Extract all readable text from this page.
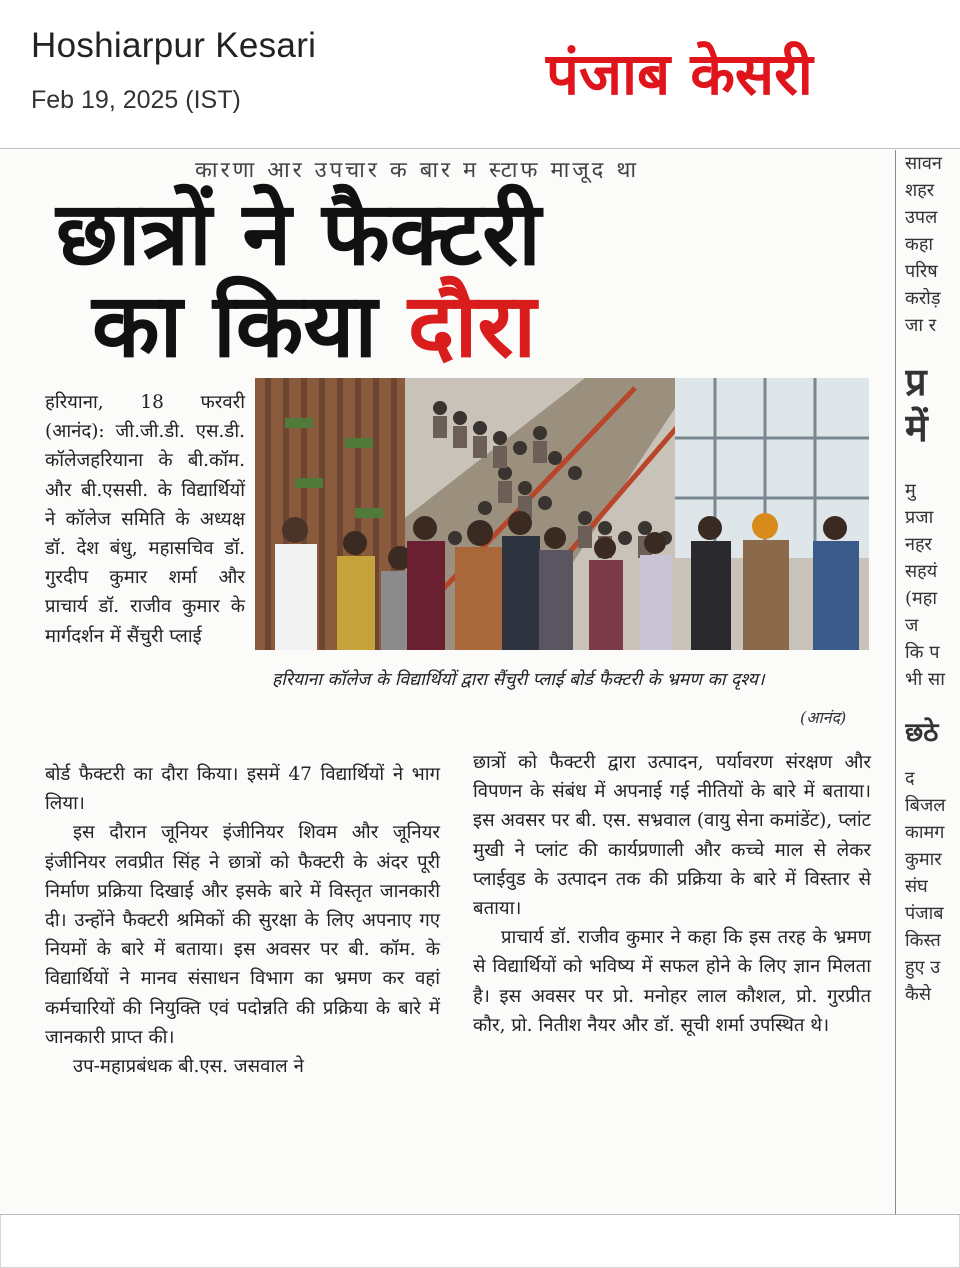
Hoshiarpur Kesari
Feb 19, 2025 (IST)	पंजाब केसरी
कारणा आर उपचार क बार म स्टाफ माजूद था
छात्रों ने फैक्टरी
का किया दौरा

हरियाना, 18 फरवरी (आनंद): जी.जी.डी. एस.डी. कॉलेजहरियाना के बी.कॉम. और बी.एससी. के विद्यार्थियों ने कॉलेज समिति के अध्यक्ष डॉ. देश बंधु, महासचिव डॉ. गुरदीप कुमार शर्मा और प्राचार्य डॉ. राजीव कुमार के मार्गदर्शन में सैंचुरी प्लाई

हरियाना कॉलेज के विद्यार्थियों द्वारा सैंचुरी प्लाई बोर्ड फैक्टरी के भ्रमण का दृश्य।
(आनंद)

बोर्ड फैक्टरी का दौरा किया। इसमें 47 विद्यार्थियों ने भाग लिया।

इस दौरान जूनियर इंजीनियर शिवम और जूनियर इंजीनियर लवप्रीत सिंह ने छात्रों को फैक्टरी के अंदर पूरी निर्माण प्रक्रिया दिखाई और इसके बारे में विस्तृत जानकारी दी। उन्होंने फैक्टरी श्रमिकों की सुरक्षा के लिए अपनाए गए नियमों के बारे में बताया। इस अवसर पर बी. कॉम. के विद्यार्थियों ने मानव संसाधन विभाग का भ्रमण कर वहां कर्मचारियों की नियुक्ति एवं पदोन्नति की प्रक्रिया के बारे में जानकारी प्राप्त की।

उप-महाप्रबंधक बी.एस. जसवाल ने

छात्रों को फैक्टरी द्वारा उत्पादन, पर्यावरण संरक्षण और विपणन के संबंध में अपनाई गई नीतियों के बारे में बताया। इस अवसर पर बी. एस. सभ्रवाल (वायु सेना कमांडेंट), प्लांट मुखी ने प्लांट की कार्यप्रणाली और कच्चे माल से लेकर प्लाईवुड के उत्पादन तक की प्रक्रिया के बारे में विस्तार से बताया।

प्राचार्य डॉ. राजीव कुमार ने कहा कि इस तरह के भ्रमण से विद्यार्थियों को भविष्य में सफल होने के लिए ज्ञान मिलता है। इस अवसर पर प्रो. मनोहर लाल कौशल, प्रो. गुरप्रीत कौर, प्रो. नितीश नैयर और डॉ. सूची शर्मा उपस्थित थे।

सावन
शहर
उपल
कहा
परिष
करोड़
जा र
प्र
में
मु
प्रजा
नहर
सहयं
(महा
ज
कि प
भी सा
छठे
द
बिजल
कामग
कुमार
संघ
पंजाब
किस्त
हुए उ
कैसे
